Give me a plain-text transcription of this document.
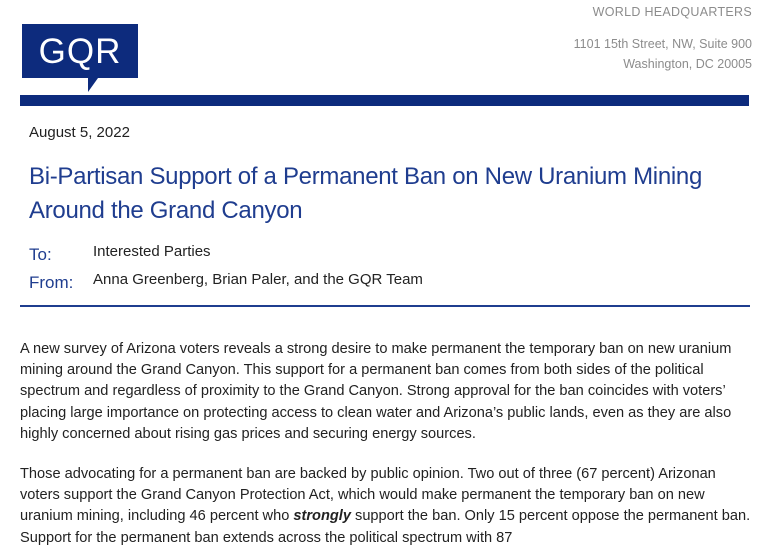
GQR
WORLD HEADQUARTERS
1101 15th Street, NW, Suite 900
Washington, DC 20005
August 5, 2022
Bi-Partisan Support of a Permanent Ban on New Uranium Mining Around the Grand Canyon
To:	Interested Parties
From: Anna Greenberg, Brian Paler, and the GQR Team

A new survey of Arizona voters reveals a strong desire to make permanent the temporary ban on new uranium mining around the Grand Canyon. This support for a permanent ban comes from both sides of the political spectrum and regardless of proximity to the Grand Canyon. Strong approval for the ban coincides with voters’ placing large importance on protecting access to clean water and Arizona’s public lands, even as they are also highly concerned about rising gas prices and securing energy sources.

Those advocating for a permanent ban are backed by public opinion. Two out of three (67 percent) Arizonan voters support the Grand Canyon Protection Act, which would make permanent the temporary ban on new uranium mining, including 46 percent who strongly support the ban. Only 15 percent oppose the permanent ban. Support for the permanent ban extends across the political spectrum with 87
